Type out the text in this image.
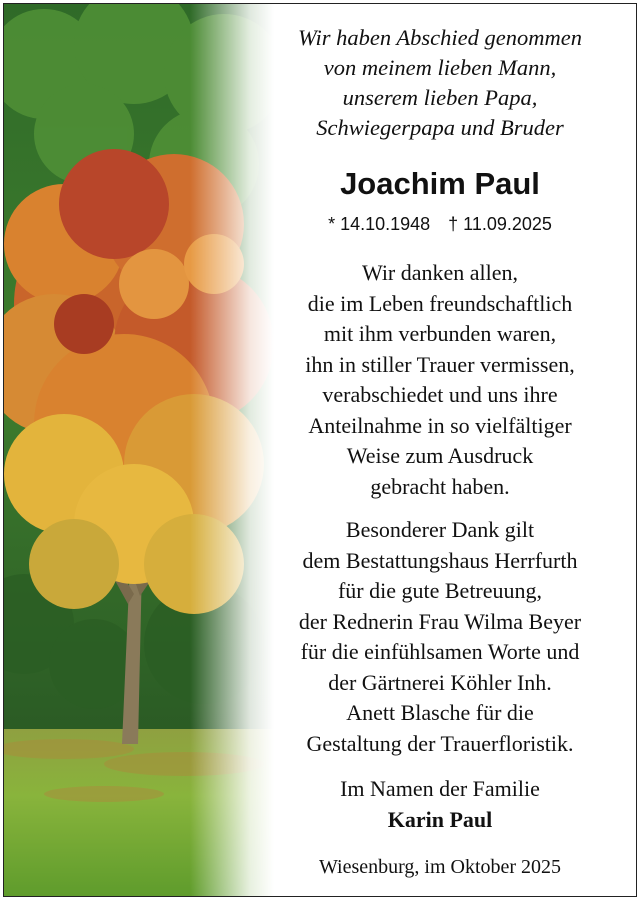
Wir haben Abschied genommen
von meinem lieben Mann,
unserem lieben Papa,
Schwiegerpapa und Bruder
Joachim Paul
* 14.10.1948 † 11.09.2025
Wir danken allen,
die im Leben freundschaftlich
mit ihm verbunden waren,
ihn in stiller Trauer vermissen,
verabschiedet und uns ihre
Anteilnahme in so vielfältiger
Weise zum Ausdruck
gebracht haben.
Besonderer Dank gilt
dem Bestattungshaus Herrfurth
für die gute Betreuung,
der Rednerin Frau Wilma Beyer
für die einfühlsamen Worte und
der Gärtnerei Köhler Inh.
Anett Blasche für die
Gestaltung der Trauerfloristik.
Im Namen der Familie
Karin Paul
Wiesenburg, im Oktober 2025
